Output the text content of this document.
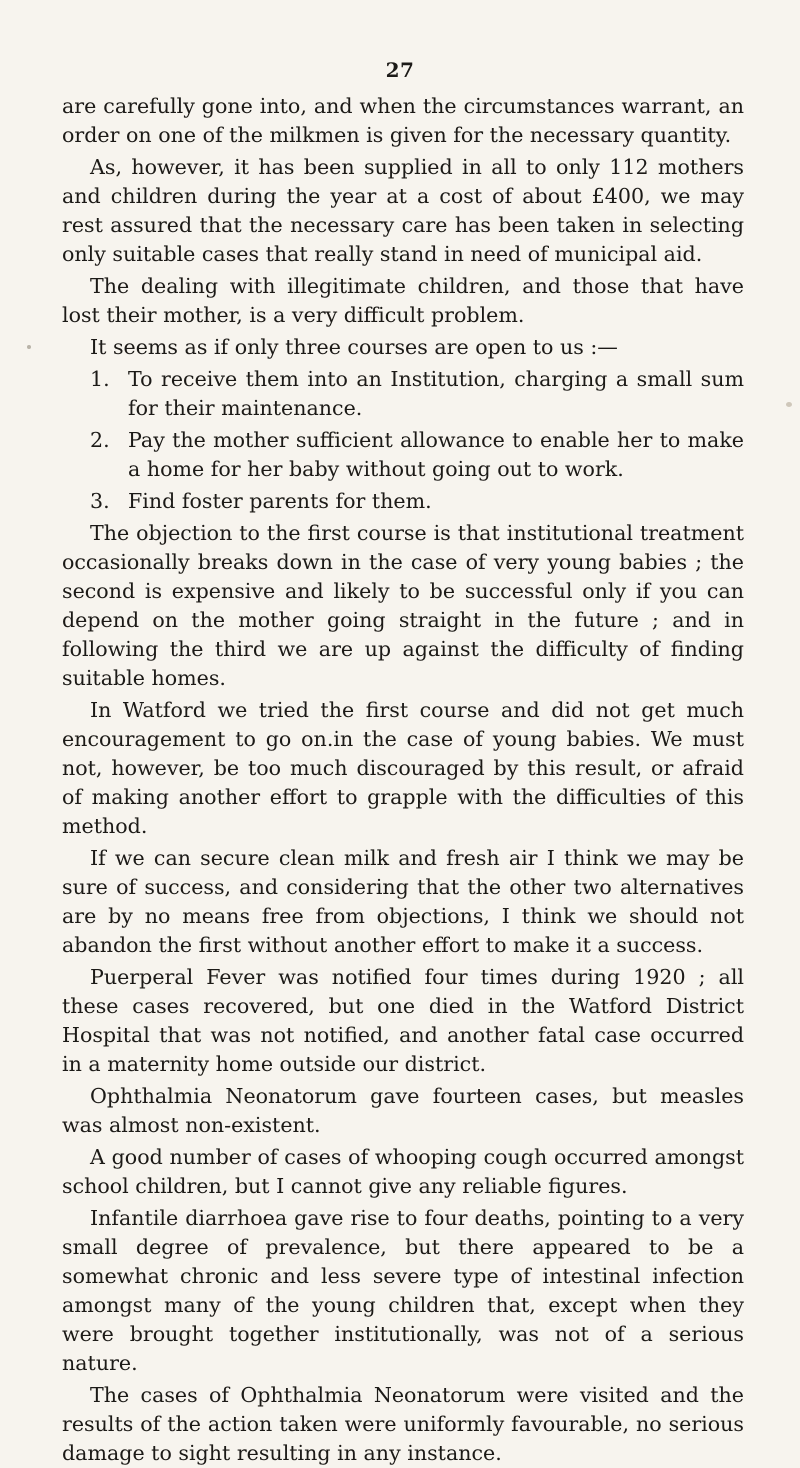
27

are carefully gone into, and when the circumstances warrant, an order on one of the milkmen is given for the necessary quantity.

As, however, it has been supplied in all to only 112 mothers and children during the year at a cost of about £400, we may rest assured that the necessary care has been taken in selecting only suitable cases that really stand in need of municipal aid.

The dealing with illegitimate children, and those that have lost their mother, is a very difficult problem.

It seems as if only three courses are open to us :—

1. To receive them into an Institution, charging a small sum for their maintenance.

2. Pay the mother sufficient allowance to enable her to make a home for her baby without going out to work.

3. Find foster parents for them.

The objection to the first course is that institutional treatment occasionally breaks down in the case of very young babies ; the second is expensive and likely to be successful only if you can depend on the mother going straight in the future ; and in following the third we are up against the difficulty of finding suitable homes.

In Watford we tried the first course and did not get much encouragement to go on.in the case of young babies. We must not, however, be too much discouraged by this result, or afraid of making another effort to grapple with the difficulties of this method.

If we can secure clean milk and fresh air I think we may be sure of success, and considering that the other two alternatives are by no means free from objections, I think we should not abandon the first without another effort to make it a success.

Puerperal Fever was notified four times during 1920 ; all these cases recovered, but one died in the Watford District Hospital that was not notified, and another fatal case occurred in a maternity home outside our district.

Ophthalmia Neonatorum gave fourteen cases, but measles was almost non-existent.

A good number of cases of whooping cough occurred amongst school children, but I cannot give any reliable figures.

Infantile diarrhoea gave rise to four deaths, pointing to a very small degree of prevalence, but there appeared to be a somewhat chronic and less severe type of intestinal infection amongst many of the young children that, except when they were brought together institutionally, was not of a serious nature.

The cases of Ophthalmia Neonatorum were visited and the results of the action taken were uniformly favourable, no serious damage to sight resulting in any instance.
